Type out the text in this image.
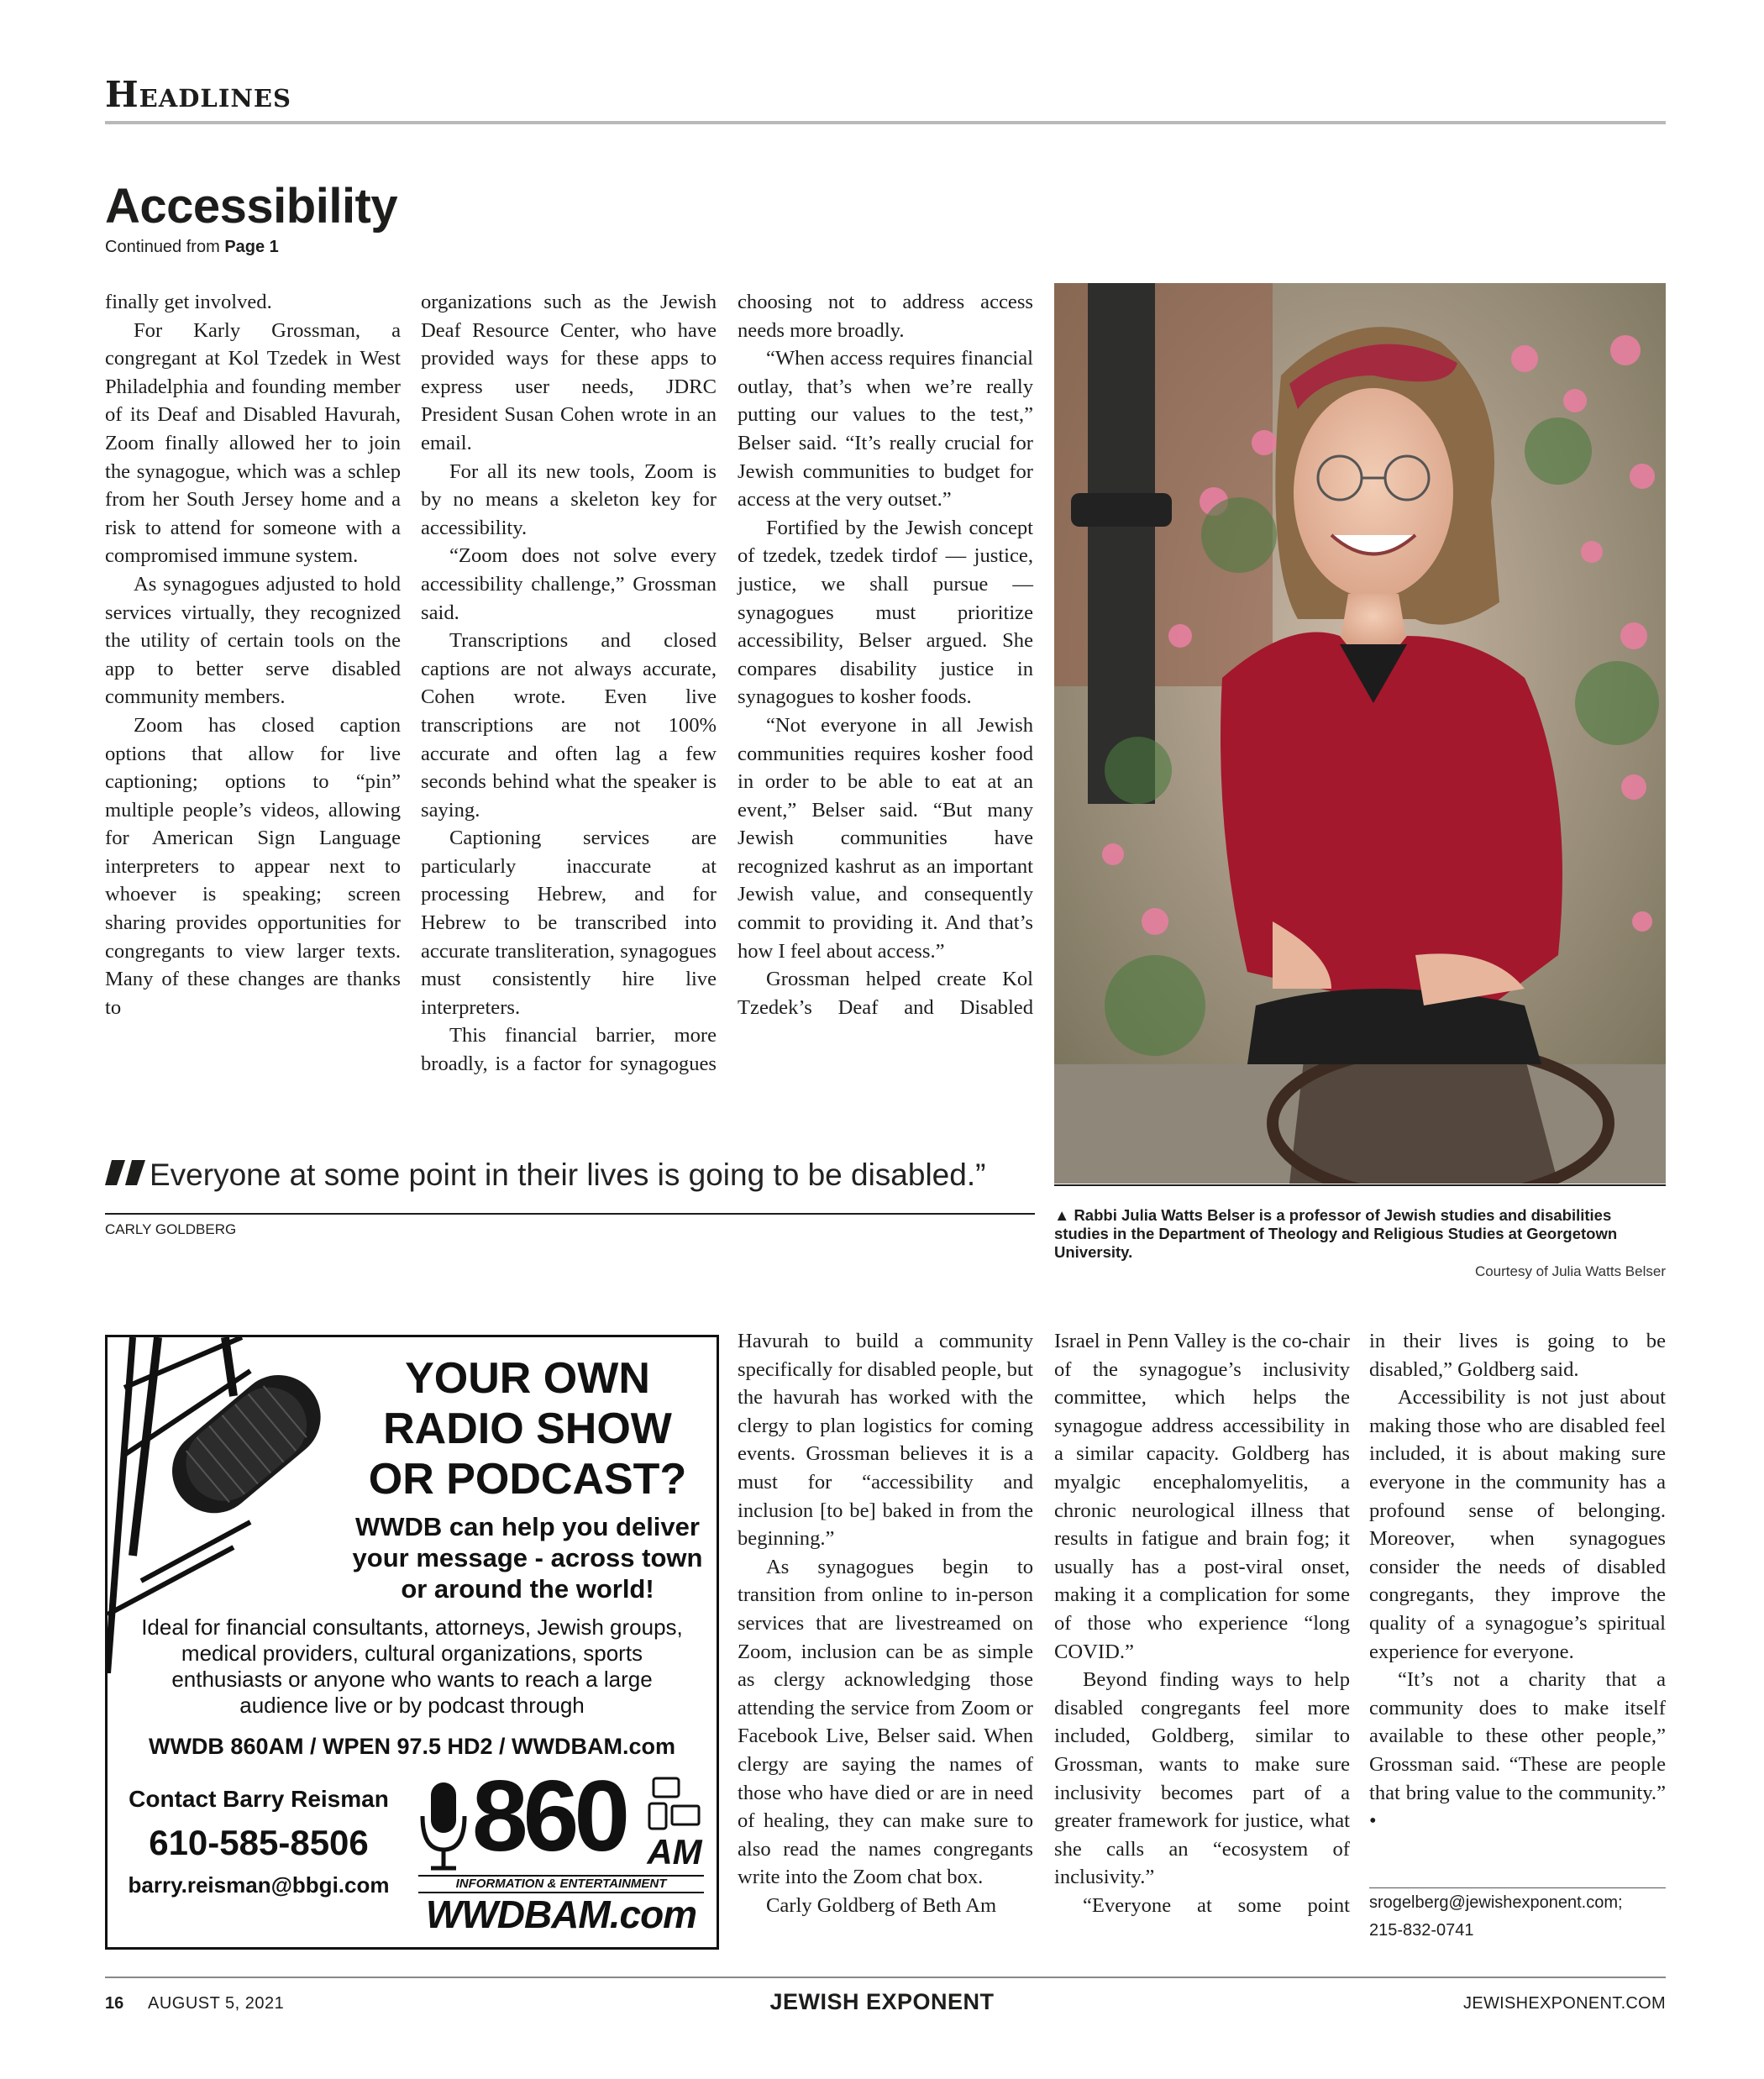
Headlines
Accessibility
Continued from Page 1

finally get involved.

For Karly Grossman, a congregant at Kol Tzedek in West Philadelphia and founding member of its Deaf and Disabled Havurah, Zoom finally allowed her to join the synagogue, which was a schlep from her South Jersey home and a risk to attend for someone with a compromised immune system.

As synagogues adjusted to hold services virtually, they recognized the utility of certain tools on the app to better serve disabled community members.

Zoom has closed caption options that allow for live captioning; options to “pin” multiple people’s videos, allowing for American Sign Language interpreters to appear next to whoever is speaking; screen sharing provides opportunities for congregants to view larger texts. Many of these changes are thanks to

organizations such as the Jewish Deaf Resource Center, who have provided ways for these apps to express user needs, JDRC President Susan Cohen wrote in an email.

For all its new tools, Zoom is by no means a skeleton key for accessibility.

“Zoom does not solve every accessibility challenge,” Grossman said.

Transcriptions and closed captions are not always accurate, Cohen wrote. Even live transcriptions are not 100% accurate and often lag a few seconds behind what the speaker is saying.

Captioning services are particularly inaccurate at processing Hebrew, and for Hebrew to be transcribed into accurate transliteration, synagogues must consistently hire live interpreters.

This financial barrier, more broadly, is a factor for synagogues

choosing not to address access needs more broadly.

“When access requires financial outlay, that’s when we’re really putting our values to the test,” Belser said. “It’s really crucial for Jewish communities to budget for access at the very outset.”

Fortified by the Jewish concept of tzedek, tzedek tirdof — justice, justice, we shall pursue — synagogues must prioritize accessibility, Belser argued. She compares disability justice in synagogues to kosher foods.

“Not everyone in all Jewish communities requires kosher food in order to be able to eat at an event,” Belser said. “But many Jewish communities have recognized kashrut as an important Jewish value, and consequently commit to providing it. And that’s how I feel about access.”

Grossman helped create Kol Tzedek’s Deaf and Disabled

▲ Rabbi Julia Watts Belser is a professor of Jewish studies and disabilities studies in the Department of Theology and Religious Studies at Georgetown University.
Courtesy of Julia Watts Belser
Everyone at some point in their lives is going to be disabled.”
CARLY GOLDBERG
YOUR OWN
RADIO SHOW
OR PODCAST?
WWDB can help you deliver
your message - across town
or around the world!
Ideal for financial consultants, attorneys, Jewish groups,
medical providers, cultural organizations, sports
enthusiasts or anyone who wants to reach a large
audience live or by podcast through
WWDB 860AM / WPEN 97.5 HD2 / WWDBAM.com
Contact Barry Reisman
610-585-8506
barry.reisman@bbgi.com
860 AM
INFORMATION & ENTERTAINMENT
WWDBAM.com

Havurah to build a community specifically for disabled people, but the havurah has worked with the clergy to plan logistics for coming events. Grossman believes it is a must for “accessibility and inclusion [to be] baked in from the beginning.”

As synagogues begin to transition from online to in-person services that are livestreamed on Zoom, inclusion can be as simple as clergy acknowledging those attending the service from Zoom or Facebook Live, Belser said. When clergy are saying the names of those who have died or are in need of healing, they can make sure to also read the names congregants write into the Zoom chat box.

Carly Goldberg of Beth Am

Israel in Penn Valley is the co-chair of the synagogue’s inclusivity committee, which helps the synagogue address accessibility in a similar capacity. Goldberg has myalgic encephalomyelitis, a chronic neurological illness that results in fatigue and brain fog; it usually has a post-viral onset, making it a complication for some of those who experience “long COVID.”

Beyond finding ways to help disabled congregants feel more included, Goldberg, similar to Grossman, wants to make sure inclusivity becomes part of a greater framework for justice, what she calls an “ecosystem of inclusivity.”

“Everyone at some point

in their lives is going to be disabled,” Goldberg said.

Accessibility is not just about making those who are disabled feel included, it is about making sure everyone in the community has a profound sense of belonging. Moreover, when synagogues consider the needs of disabled congregants, they improve the quality of a synagogue’s spiritual experience for everyone.

“It’s not a charity that a community does to make itself available to these other people,” Grossman said. “These are people that bring value to the community.” •

srogelberg@jewishexponent.com;
215-832-0741
16 AUGUST 5, 2021	JEWISH EXPONENT	JEWISHEXPONENT.COM
